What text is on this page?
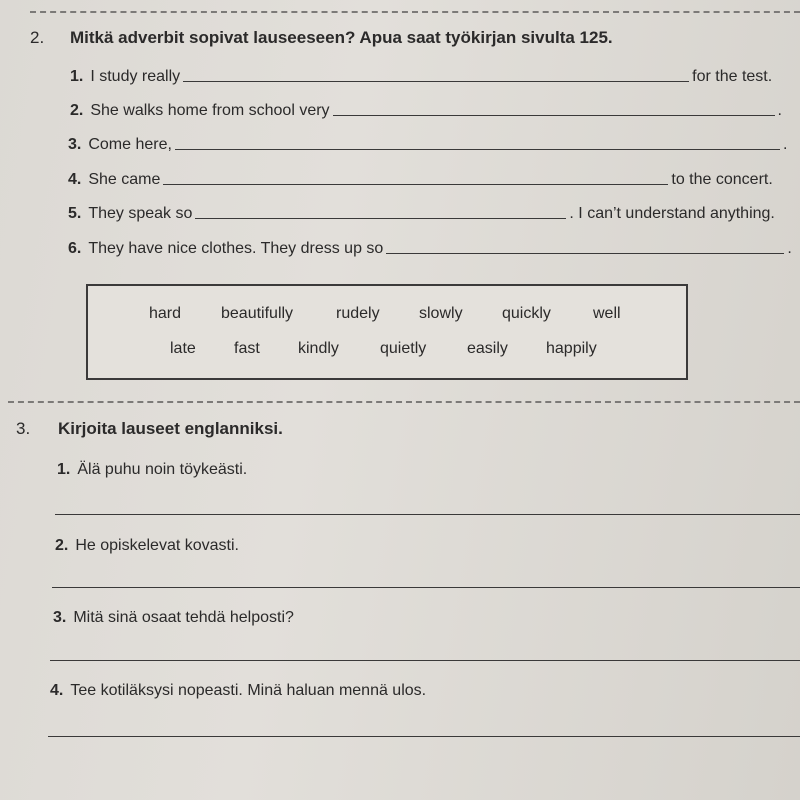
2. Mitkä adverbit sopivat lauseeseen? Apua saat työkirjan sivulta 125.
1. I study really	for the test.
2. She walks home from school very	.
3. Come here,	.
4. She came	to the concert.
5. They speak so	. I can’t understand anything.
6. They have nice clothes. They dress up so	.
hard beautifully	rudely slowly quickly	well
late fast kindly	quietly	easily happily
3. Kirjoita lauseet englanniksi.
1. Älä puhu noin töykeästi.
2. He opiskelevat kovasti.
3. Mitä sinä osaat tehdä helposti?
4. Tee kotiläksysi nopeasti. Minä haluan mennä ulos.
